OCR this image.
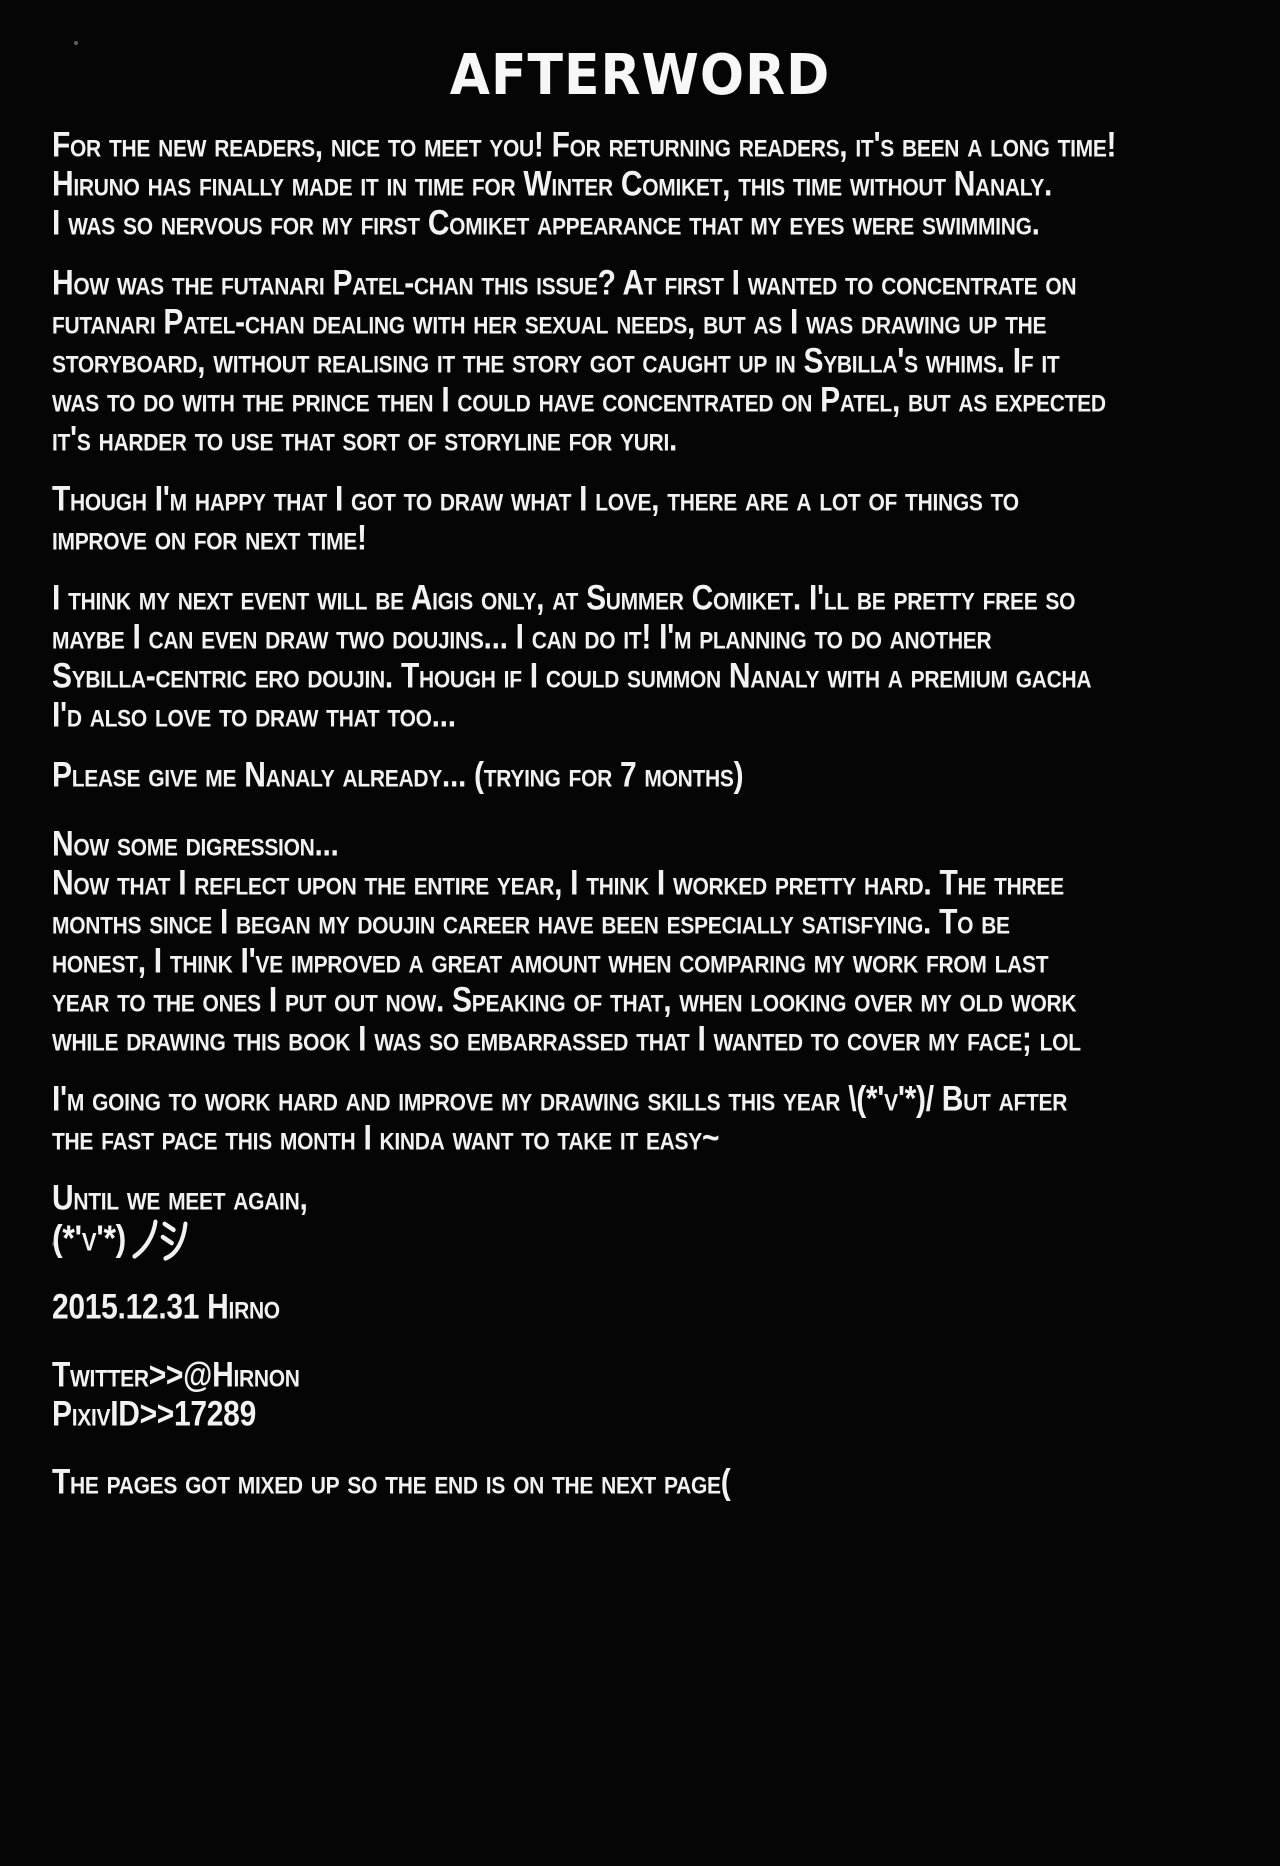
AFTERWORD
For the new readers, nice to meet you! For returning readers, it's been a long time!
Hiruno has finally made it in time for Winter Comiket, this time without Nanaly.
I was so nervous for my first Comiket appearance that my eyes were swimming.
How was the futanari Patel-chan this issue? At first I wanted to concentrate on
futanari Patel-chan dealing with her sexual needs, but as I was drawing up the
storyboard, without realising it the story got caught up in Sybilla's whims. If it
was to do with the prince then I could have concentrated on Patel, but as expected
it's harder to use that sort of storyline for yuri.
Though I'm happy that I got to draw what I love, there are a lot of things to
improve on for next time!
I think my next event will be Aigis only, at Summer Comiket. I'll be pretty free so
maybe I can even draw two doujins... I can do it! I'm planning to do another
Sybilla-centric ero doujin. Though if I could summon Nanaly with a premium gacha
I'd also love to draw that too...
Please give me Nanaly already... (trying for 7 months)
Now some digression...
Now that I reflect upon the entire year, I think I worked pretty hard. The three
months since I began my doujin career have been especially satisfying. To be
honest, I think I've improved a great amount when comparing my work from last
year to the ones I put out now. Speaking of that, when looking over my old work
while drawing this book I was so embarrassed that I wanted to cover my face; lol
I'm going to work hard and improve my drawing skills this year \(*'v'*)/ But after
the fast pace this month I kinda want to take it easy~
Until we meet again,
(*'v'*)
2015.12.31 Hirno
Twitter>>@Hirnon
PixivID>>17289
The pages got mixed up so the end is on the next page(
